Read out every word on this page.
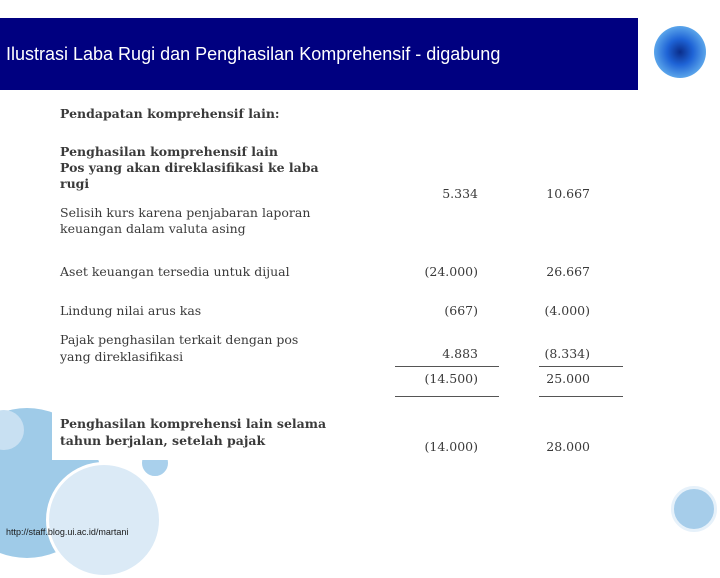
Ilustrasi Laba Rugi dan Penghasilan Komprehensif - digabung
Pendapatan komprehensif lain:
Penghasilan komprehensif lain
Pos yang akan direklasifikasi ke laba
rugi
Selisih kurs karena penjabaran laporan
keuangan dalam valuta asing
5.334	10.667
Aset keuangan tersedia untuk dijual	(24.000)	26.667
Lindung nilai arus kas	(667)	(4.000)
Pajak penghasilan terkait dengan pos
yang direklasifikasi	4.883	(8.334)
(14.500)	25.000
Penghasilan komprehensi lain selama
tahun berjalan, setelah pajak	(14.000)	28.000
http://staff.blog.ui.ac.id/martani
